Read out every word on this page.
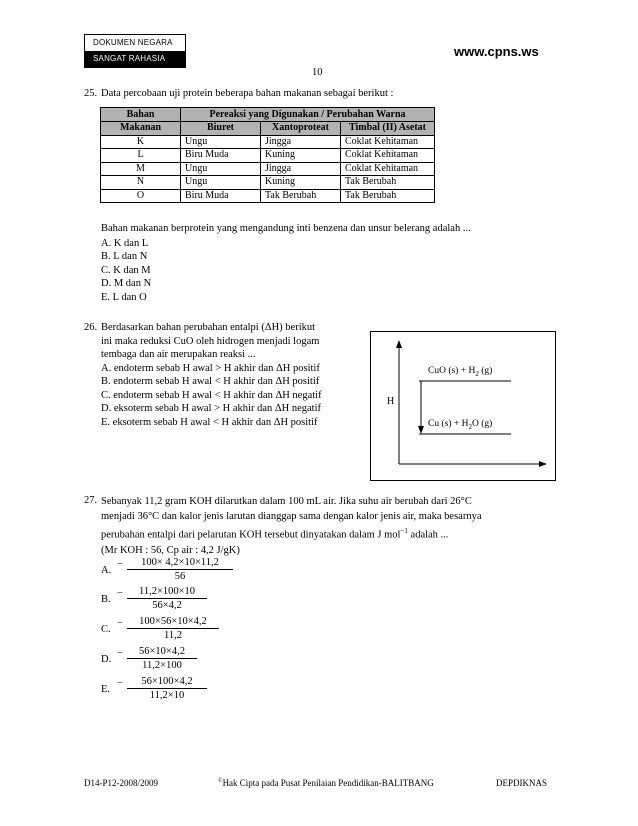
DOKUMEN NEGARA
SANGAT RAHASIA	www.cpns.ws
10
25. Data percobaan uji protein beberapa bahan makanan sebagai berikut :
Bahan	Pereaksi yang Digunakan / Perubahan Warna		
Makanan	Biuret	Xantoproteat	Timbal (II) Asetat
K	Ungu	Jingga	Coklat Kehitaman
L	Biru Muda	Kuning	Coklat Kehitaman
M	Ungu	Jingga	Coklat Kehitaman
N	Ungu	Kuning	Tak Berubah
O	Biru Muda	Tak Berubah	Tak Berubah
Bahan makanan berprotein yang mengandung inti benzena dan unsur belerang adalah ...
A. K dan L
B. L dan N
C. K dan M
D. M dan N
E. L dan O
26. Berdasarkan bahan perubahan entalpi (ΔH) berikut
ini maka reduksi CuO oleh hidrogen menjadi logam
tembaga dan air merupakan reaksi ...
A. endoterm sebab H awal > H akhir dan ΔH positif
B. endoterm sebab H awal < H akhir dan ΔH positif
C. endoterm sebab H awal < H akhir dan ΔH negatif
D. eksoterm sebab H awal > H akhir dan ΔH negatif
E. eksoterm sebab H awal < H akhir dan ΔH positif
H
CuO $(s) + H_2$ (g)
Cu $(s) + H_2O$ (g)
27. Sebanyak 11,2 gram KOH dilarutkan dalam 100 mL air. Jika suhu air berubah dari 26°C
menjadi 36°C dan kalor jenis larutan dianggap sama dengan kalor jenis air, maka besarnya
perubahan entalpi dari pelarutan KOH tersebut dinyatakan dalam J mol$^{-1}$ adalah ...
(Mr KOH : 56, Cp air : 4,2 J/gK)
A.
−	100× 4,2×10×11,2
56
B.
−	11,2×100×10
56×4,2
C.
−	100×56×10×4,2
11,2
D.
−	56×10×4,2
11,2×100
E.
−	56×100×4,2
11,2×10
D14-P12-2008/2009	©Hak Cipta pada Pusat Penilaian Pendidikan-BALITBANG	DEPDIKNAS
